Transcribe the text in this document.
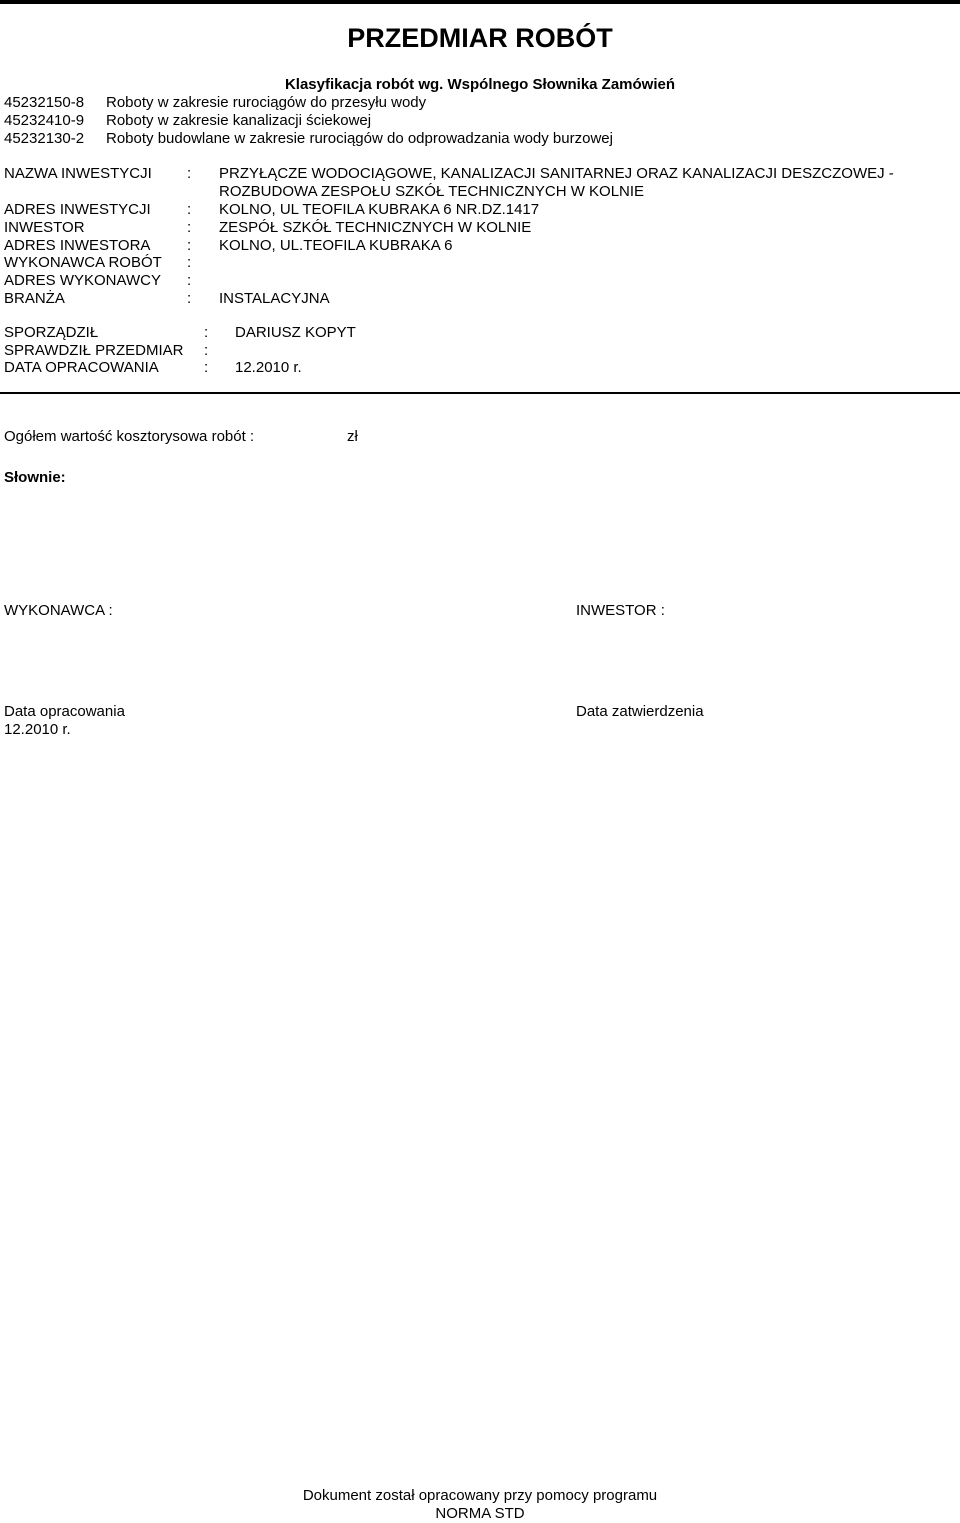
PRZEDMIAR ROBÓT
Klasyfikacja robót wg. Wspólnego Słownika Zamówień
45232150-8 Roboty w zakresie rurociągów do przesyłu wody
45232410-9 Roboty w zakresie kanalizacji ściekowej
45232130-2 Roboty budowlane w zakresie rurociągów do odprowadzania wody burzowej
NAZWA INWESTYCJI : PRZYŁĄCZE WODOCIĄGOWE, KANALIZACJI SANITARNEJ ORAZ KANALIZACJI DESZCZOWEJ -
ROZBUDOWA ZESPOŁU SZKÓŁ TECHNICZNYCH W KOLNIE
ADRES INWESTYCJI : KOLNO, UL TEOFILA KUBRAKA 6 NR.DZ.1417
INWESTOR	: ZESPÓŁ SZKÓŁ TECHNICZNYCH W KOLNIE
ADRES INWESTORA : KOLNO, UL.TEOFILA KUBRAKA 6
WYKONAWCA ROBÓT :
ADRES WYKONAWCY :
BRANŻA	: INSTALACYJNA
SPORZĄDZIŁ	: DARIUSZ KOPYT
SPRAWDZIŁ PRZEDMIAR :
DATA OPRACOWANIA	: 12.2010 r.
Ogółem wartość kosztorysowa robót :	zł
Słownie:
WYKONAWCA :	INWESTOR :
Data opracowania
12.2010 r.
Data zatwierdzenia
Dokument został opracowany przy pomocy programu
NORMA STD
